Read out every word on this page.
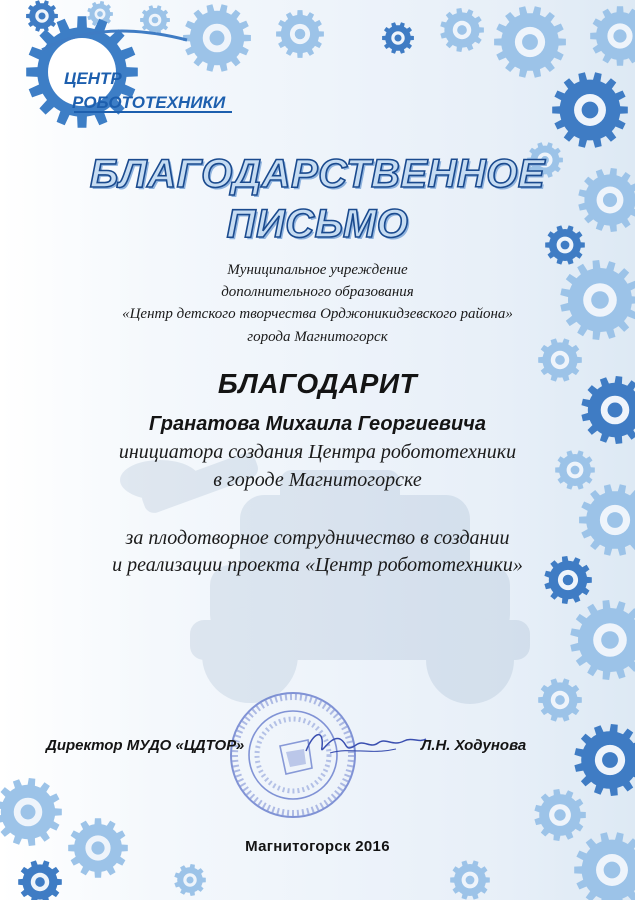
ЦЕНТР
РОБОТОТЕХНИКИ
БЛАГОДАРСТВЕННОЕ
ПИСЬМО
Муниципальное учреждение
дополнительного образования
«Центр детского творчества Орджоникидзевского района»
города Магнитогорск
БЛАГОДАРИТ
Гранатова Михаила Георгиевича
инициатора создания Центра робототехники
в городе Магнитогорске
за плодотворное сотрудничество в создании
и реализации проекта «Центр робототехники»
Директор МУДО «ЦДТОР»	Л.Н. Ходунова
Магнитогорск 2016
